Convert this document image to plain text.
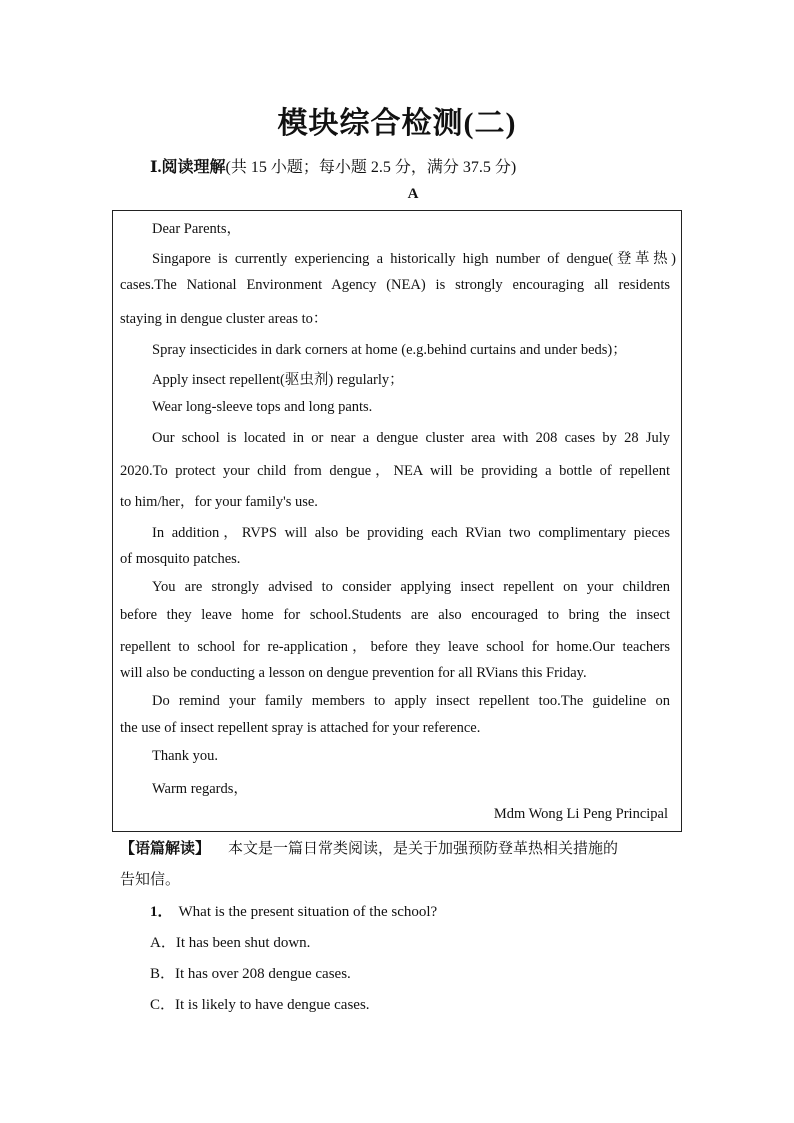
模块综合检测(二)
Ⅰ.阅读理解(共 15 小题；每小题 2.5 分，满分 37.5 分)
A
Dear Parents，
Singapore is currently experiencing a historically high number of dengue(登革热)
cases.The National Environment Agency (NEA) is strongly encouraging all residents
staying in dengue cluster areas to：
Spray insecticides in dark corners at home (e.g.behind curtains and under beds)；
Apply insect repellent(驱虫剂) regularly；
Wear long-sleeve tops and long pants.
Our school is located in or near a dengue cluster area with 208 cases by 28 July
2020.To protect your child from dengue，NEA will be providing a bottle of repellent
to him/her，for your family's use.
In addition，RVPS will also be providing each RVian two complimentary pieces
of mosquito patches.
You are strongly advised to consider applying insect repellent on your children
before they leave home for school.Students are also encouraged to bring the insect
repellent to school for re-application，before they leave school for home.Our teachers
will also be conducting a lesson on dengue prevention for all RVians this Friday.
Do remind your family members to apply insect repellent too.The guideline on
the use of insect repellent spray is attached for your reference.
Thank you.
Warm regards，
Mdm Wong Li Peng Principal
【语篇解读】 本文是一篇日常类阅读，是关于加强预防登革热相关措施的
告知信。
1． What is the present situation of the school?
A．It has been shut down.
B．It has over 208 dengue cases.
C．It is likely to have dengue cases.
